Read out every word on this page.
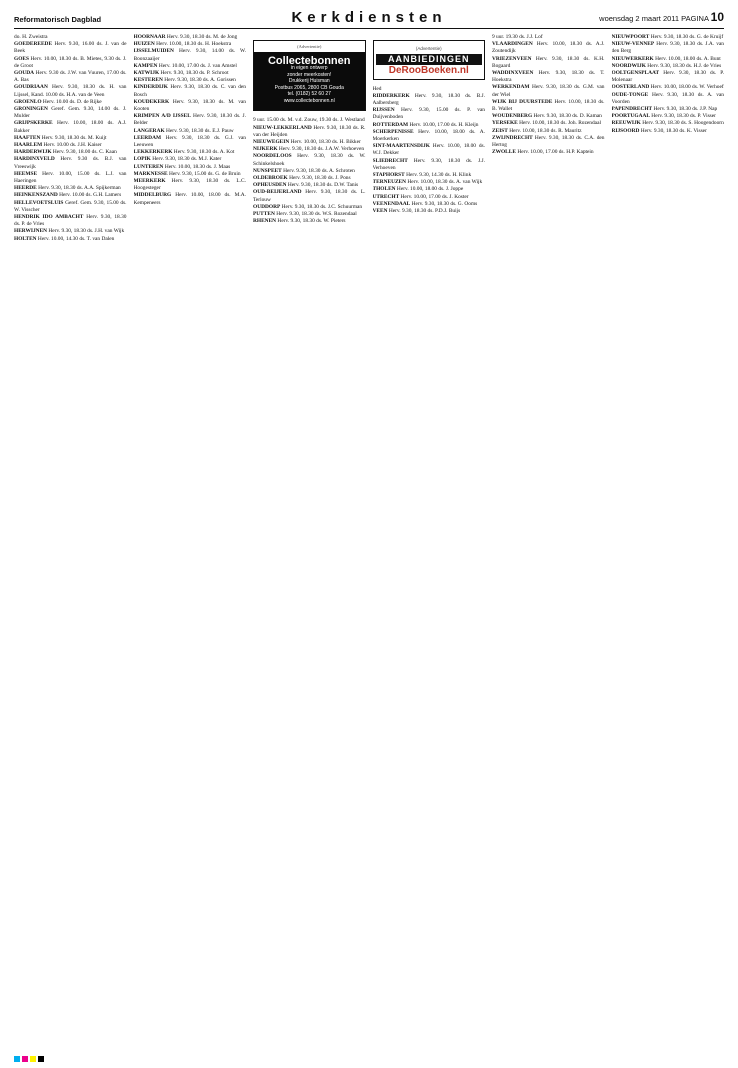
Reformatorisch Dagblad	Kerkdiensten	woensdag 2 maart 2011 PAGINA 10

do. H. Zweistra

GOEDEREEDE Herv. 9.30, 16.00 ds. J. van de Beek

GOES Herv. 10.00, 18.30 ds. B. Mietes, 9.30 ds. J. de Groot

GOUDA Herv. 9.30 ds. J.W. van Vuuren, 17.00 ds. A. Bas

GOUDRIAAN Herv. 9.30, 18.30 ds. H. van Lijssel, Kand. 10.00 ds. H.A. van de Veen

GROENLO Herv. 10.00 ds. D. de Rijke

GRONINGEN Geref. Gem. 9.30, 14.00 ds. J. Mulder

GRIJPSKERKE Herv. 10.00, 18.00 ds. A.J. Bakker

HAAFTEN Herv. 9.30, 18.30 ds. M. Kuijt

HAARLEM Herv. 10.00 ds. J.H. Kaiser

HARDERWIJK Herv. 9.30, 18.00 ds. C. Kaan

HARDINXVELD Herv. 9.30 ds. B.J. van Vreeswijk

HEEMSE Herv. 10.00, 15.00 ds. L.J. van Haeringen

HEERDE Herv. 9.30, 18.30 ds. A.A. Spijkerman

HEINKENSZAND Herv. 10.00 ds. G.H. Lamers

HELLEVOETSLUIS Geref. Gem. 9.30, 15.00 ds. W. Visscher

HENDRIK IDO AMBACHT Herv. 9.30, 18.30 ds. P. de Vries

HERWIJNEN Herv. 9.30, 18.30 ds. J.H. van Wijk

HOLTEN Herv. 10.00, 14.30 ds. T. van Dalen

HOORNAAR Herv. 9.30, 18.30 ds. M. de Jong

HUIZEN Herv. 10.00, 18.30 ds. H. Hoekstra

IJSSELMUIDEN Herv. 9.30, 14.00 ds. W. Boonzaaijer

KAMPEN Herv. 10.00, 17.00 ds. J. van Amstel

KATWIJK Herv. 9.30, 18.30 ds. P. Schroot

KESTEREN Herv. 9.30, 18.30 ds. A. Gorissen

KINDERDIJK Herv. 9.30, 18.30 ds. C. van den Bosch

KOUDEKERK Herv. 9.30, 18.30 ds. M. van Kooten

KRIMPEN A/D IJSSEL Herv. 9.30, 18.30 ds. J. Belder

LANGERAK Herv. 9.30, 18.30 ds. E.J. Pauw

LEERDAM Herv. 9.30, 18.30 ds. G.J. van Leeuwen

LEKKERKERK Herv. 9.30, 18.30 ds. A. Kot

LOPIK Herv. 9.30, 18.30 ds. M.J. Kater

LUNTEREN Herv. 10.00, 18.30 ds. J. Maas

MARKNESSE Herv. 9.30, 15.00 ds. G. de Bruin

MEERKERK Herv. 9.30, 18.30 ds. L.C. Hoogesteger

MIDDELBURG Herv. 10.00, 18.00 ds. M.A. Kempeneers

(Advertentie)
Collectebonnen
in eigen ontwerp
zonder meerkosten!
Drukkerij Huisman
Postbus 2065, 2800 CB Gouda
tel. (0182) 52 60 27
www.collectebonnen.nl

9 uur. 15.00 ds. M. v.d. Zouw, 19.30 ds. J. Westland

NIEUW-LEKKERLAND Herv. 9.30, 18.30 ds. R. van der Heijden

NIEUWEGEIN Herv. 10.00, 18.30 ds. H. Bikker

NIJKERK Herv. 9.30, 18.30 ds. J.A.W. Verhoeven

NOORDELOOS Herv. 9.30, 18.30 ds. W. Schinkelshoek

NUNSPEET Herv. 9.30, 18.30 ds. A. Schroten

OLDEBROEK Herv. 9.30, 18.30 ds. J. Pons

OPHEUSDEN Herv. 9.30, 18.30 ds. D.W. Tanis

OUD-BEIJERLAND Herv. 9.30, 18.30 ds. L. Terlouw

OUDDORP Herv. 9.30, 18.30 ds. J.C. Schuurman

PUTTEN Herv. 9.30, 18.30 ds. W.S. Rozendaal

RHENEN Herv. 9.30, 18.30 ds. W. Pieters

(Advertentie)
AANBIEDINGEN
DeRooBoeken.nl

Hed

RIDDERKERK Herv. 9.30, 18.30 ds. B.J. Aalbersberg

RIJSSEN Herv. 9.30, 15.00 ds. P. van Duijvenboden

ROTTERDAM Herv. 10.00, 17.00 ds. H. Kleijn

SCHERPENISSE Herv. 10.00, 18.00 ds. A. Moerkerken

SINT-MAARTENSDIJK Herv. 10.00, 18.00 ds. W.J. Dekker

SLIEDRECHT Herv. 9.30, 18.30 ds. J.J. Verhoeven

STAPHORST Herv. 9.30, 14.30 ds. H. Klink

TERNEUZEN Herv. 10.00, 18.30 ds. A. van Wijk

THOLEN Herv. 10.00, 18.00 ds. J. Joppe

UTRECHT Herv. 10.00, 17.00 ds. J. Koster

VEENENDAAL Herv. 9.30, 18.30 ds. G. Ooms

VEEN Herv. 9.30, 18.30 ds. P.D.J. Buijs

9 uur. 19.30 ds. J.J. Lof

VLAARDINGEN Herv. 10.00, 18.30 ds. A.J. Zoutendijk

VRIEZENVEEN Herv. 9.30, 18.30 ds. K.H. Bogaard

WADDINXVEEN Herv. 9.30, 18.30 ds. T. Hoekstra

WERKENDAM Herv. 9.30, 18.30 ds. G.M. van der Wiel

WIJK BIJ DUURSTEDE Herv. 10.00, 18.30 ds. B. Wallet

WOUDENBERG Herv. 9.30, 18.30 ds. D. Kaman

YERSEKE Herv. 10.00, 18.30 ds. Joh. Rozendaal

ZEIST Herv. 10.00, 18.30 ds. R. Mauritz

ZWIJNDRECHT Herv. 9.30, 18.30 ds. C.A. den Hertog

ZWOLLE Herv. 10.00, 17.00 ds. H.P. Kaptein

NIEUWPOORT Herv. 9.30, 18.30 ds. G. de Kruijf

NIEUW-VENNEP Herv. 9.30, 18.30 ds. J.A. van den Berg

NIEUWERKERK Herv. 10.00, 18.00 ds. A. Bunt

NOORDWIJK Herv. 9.30, 18.30 ds. H.J. de Vries

OOLTGENSPLAAT Herv. 9.30, 18.30 ds. P. Molenaar

OOSTERLAND Herv. 10.00, 18.00 ds. W. Verhoef

OUDE-TONGE Herv. 9.30, 18.30 ds. A. van Voorden

PAPENDRECHT Herv. 9.30, 18.30 ds. J.P. Nap

POORTUGAAL Herv. 9.30, 18.30 ds. P. Visser

REEUWIJK Herv. 9.30, 18.30 ds. S. Hoogendoorn

RIJSOORD Herv. 9.30, 18.30 ds. K. Visser
